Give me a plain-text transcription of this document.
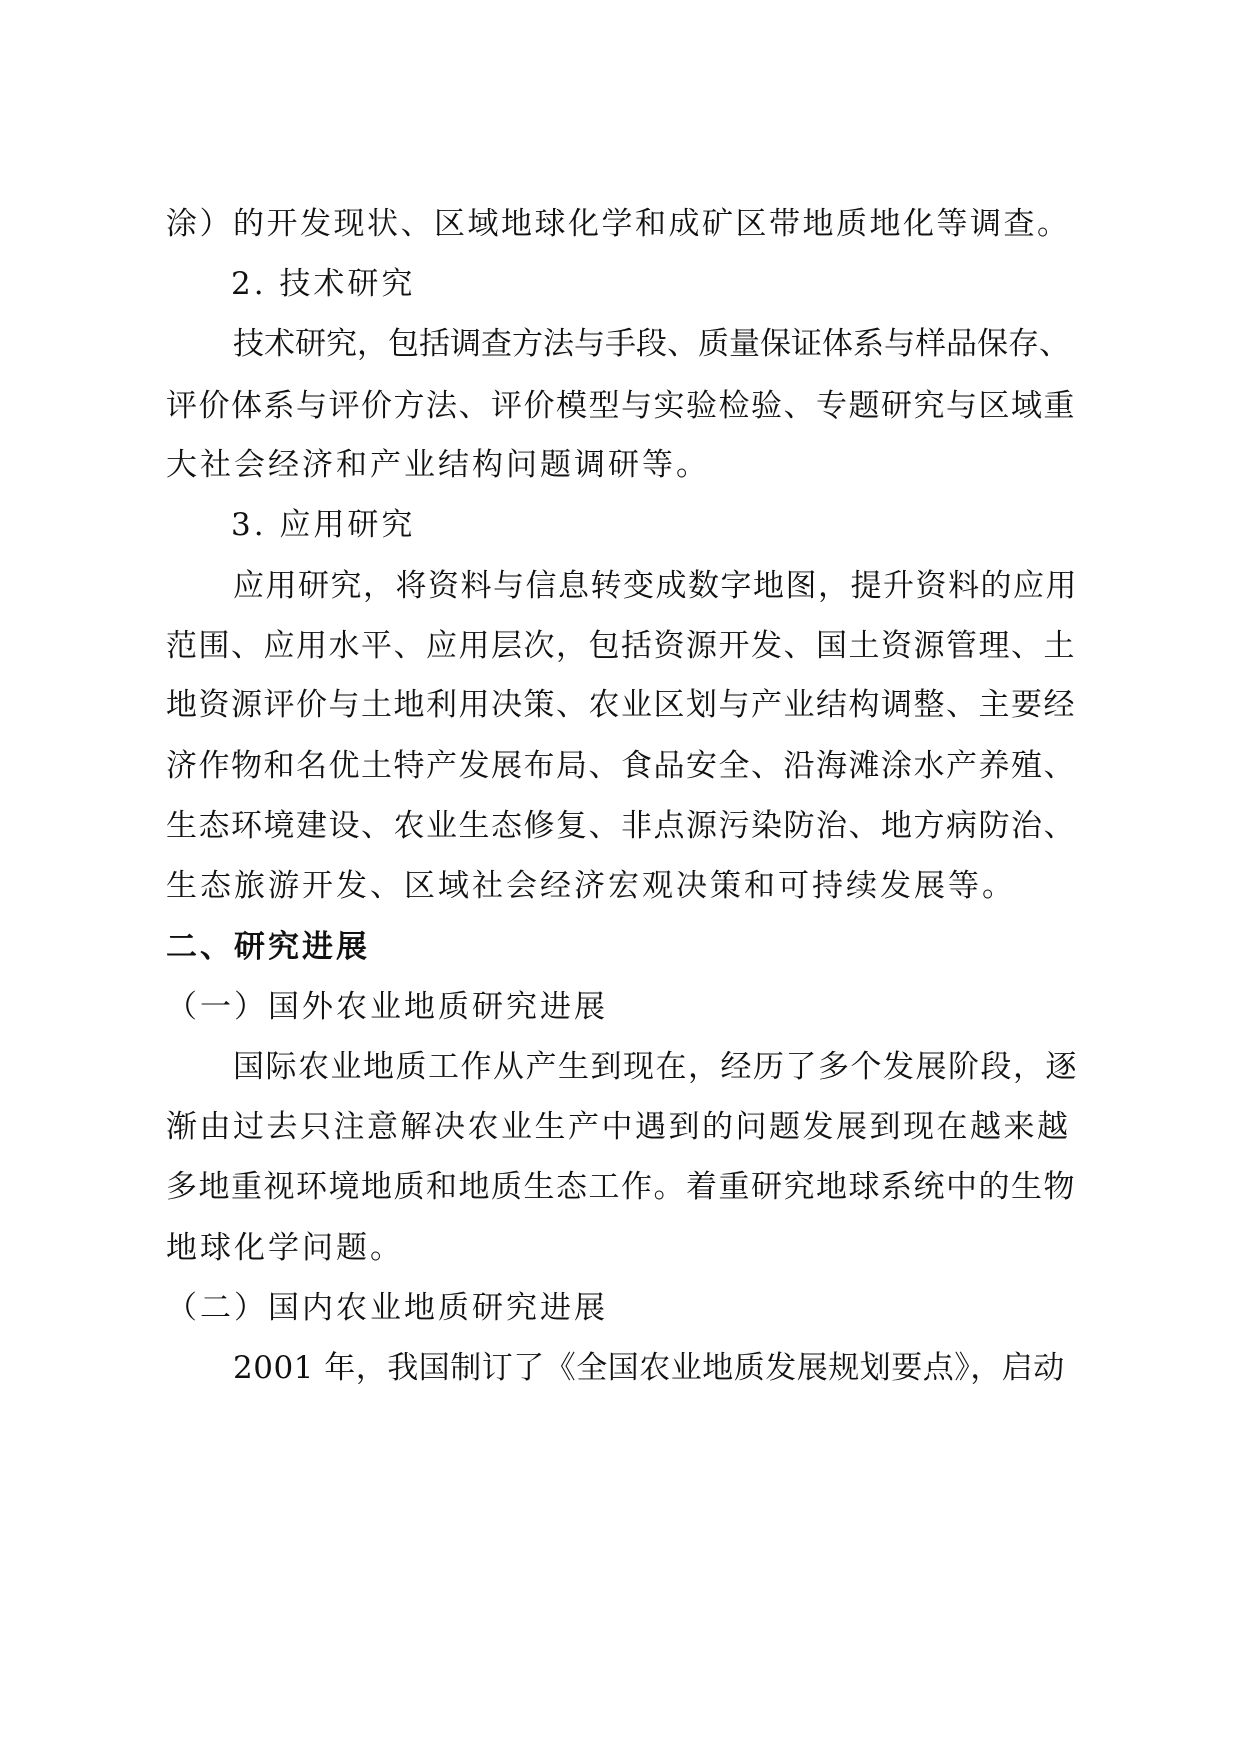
涂）的开发现状、区域地球化学和成矿区带地质地化等调查。
2. 技术研究
技术研究，包括调查方法与手段、质量保证体系与样品保存、
评价体系与评价方法、评价模型与实验检验、专题研究与区域重
大社会经济和产业结构问题调研等。
3. 应用研究
应用研究，将资料与信息转变成数字地图，提升资料的应用
范围、应用水平、应用层次，包括资源开发、国土资源管理、土
地资源评价与土地利用决策、农业区划与产业结构调整、主要经
济作物和名优土特产发展布局、食品安全、沿海滩涂水产养殖、
生态环境建设、农业生态修复、非点源污染防治、地方病防治、
生态旅游开发、区域社会经济宏观决策和可持续发展等。
二、研究进展
（一）国外农业地质研究进展
国际农业地质工作从产生到现在，经历了多个发展阶段，逐
渐由过去只注意解决农业生产中遇到的问题发展到现在越来越
多地重视环境地质和地质生态工作。着重研究地球系统中的生物
地球化学问题。
（二）国内农业地质研究进展
2001 年，我国制订了《全国农业地质发展规划要点》，启动
